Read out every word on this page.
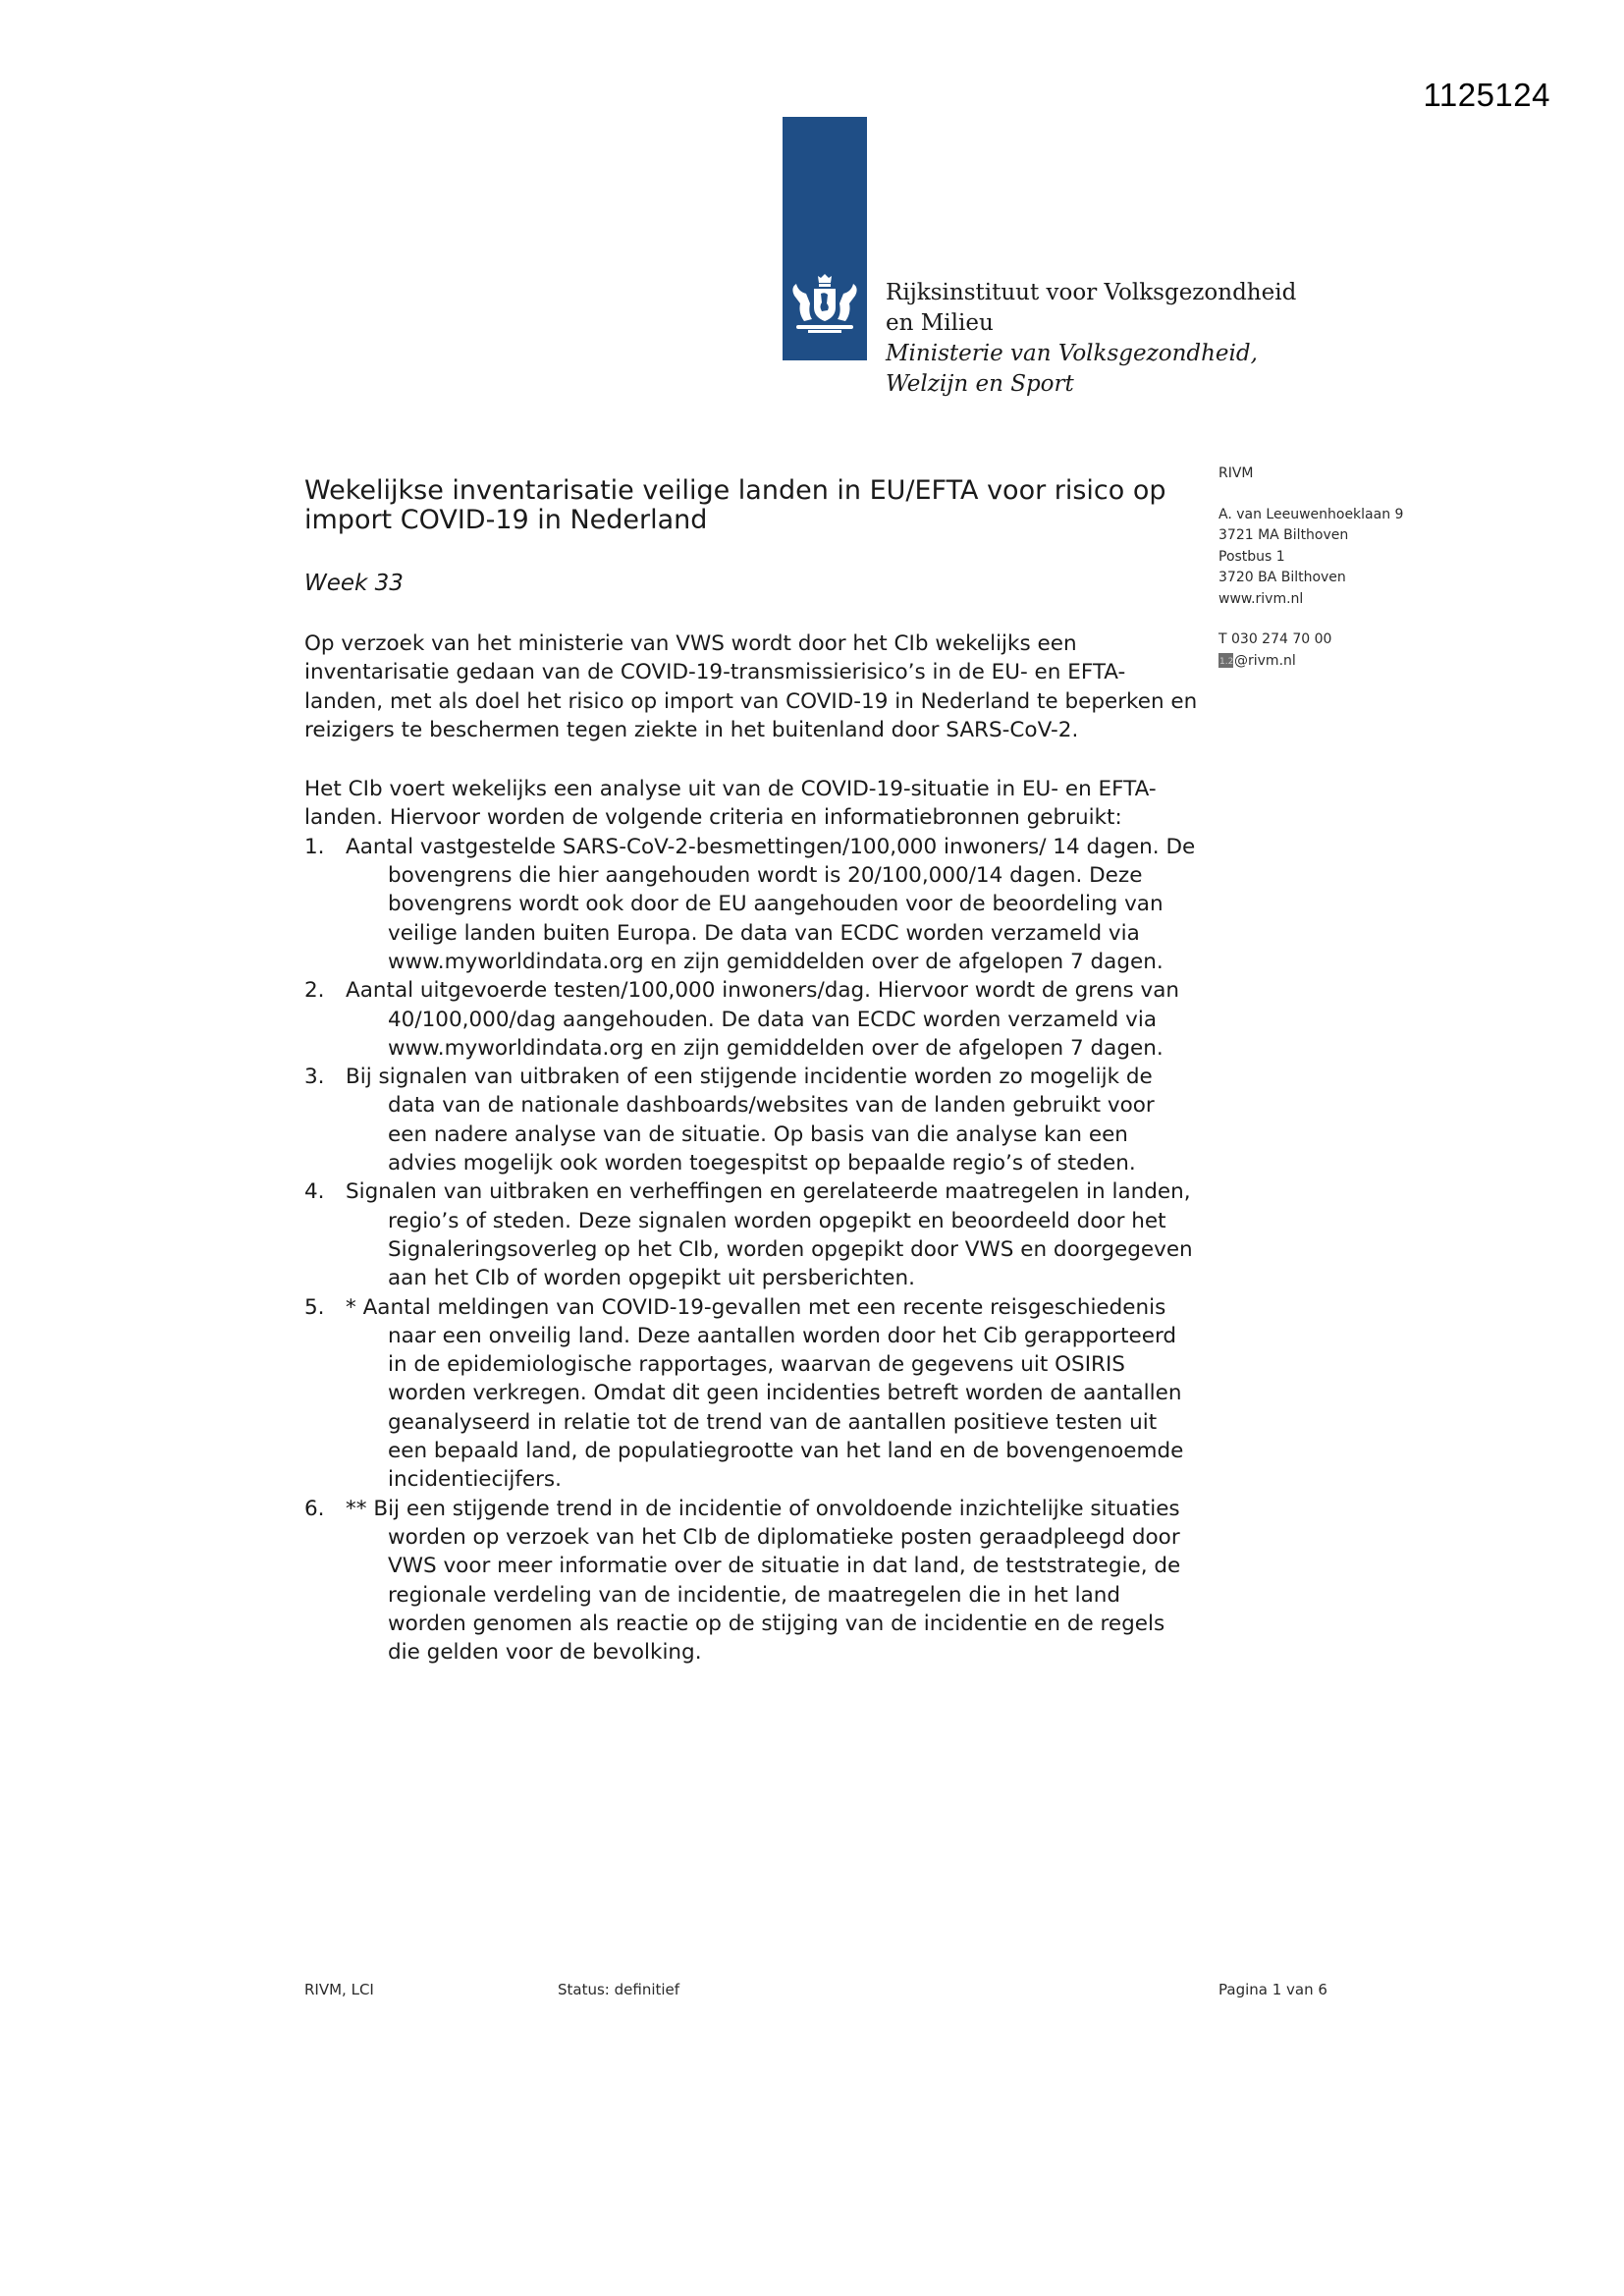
1125124
Rijksinstituut voor Volksgezondheid
en Milieu
Ministerie van Volksgezondheid,
Welzijn en Sport
RIVM
A. van Leeuwenhoeklaan 9
3721 MA Bilthoven
Postbus 1
3720 BA Bilthoven
www.rivm.nl
T 030 274 70 00
$^{1.2}$@rivm.nl
Wekelijkse inventarisatie veilige landen in EU/EFTA voor risico op import COVID-19 in Nederland
Week 33
Op verzoek van het ministerie van VWS wordt door het CIb wekelijks een inventarisatie gedaan van de COVID-19-transmissierisico’s in de EU- en EFTA-landen, met als doel het risico op import van COVID-19 in Nederland te beperken en reizigers te beschermen tegen ziekte in het buitenland door SARS-CoV-2.
Het CIb voert wekelijks een analyse uit van de COVID-19-situatie in EU- en EFTA-landen. Hiervoor worden de volgende criteria en informatiebronnen gebruikt:
1. Aantal vastgestelde SARS-CoV-2-besmettingen/100,000 inwoners/ 14 dagen. De bovengrens die hier aangehouden wordt is 20/100,000/14 dagen. Deze bovengrens wordt ook door de EU aangehouden voor de beoordeling van veilige landen buiten Europa. De data van ECDC worden verzameld via www.myworldindata.org en zijn gemiddelden over de afgelopen 7 dagen.
2. Aantal uitgevoerde testen/100,000 inwoners/dag. Hiervoor wordt de grens van 40/100,000/dag aangehouden. De data van ECDC worden verzameld via www.myworldindata.org en zijn gemiddelden over de afgelopen 7 dagen.
3. Bij signalen van uitbraken of een stijgende incidentie worden zo mogelijk de data van de nationale dashboards/websites van de landen gebruikt voor een nadere analyse van de situatie. Op basis van die analyse kan een advies mogelijk ook worden toegespitst op bepaalde regio’s of steden.
4. Signalen van uitbraken en verheffingen en gerelateerde maatregelen in landen, regio’s of steden. Deze signalen worden opgepikt en beoordeeld door het Signaleringsoverleg op het CIb, worden opgepikt door VWS en doorgegeven aan het CIb of worden opgepikt uit persberichten.
5. * Aantal meldingen van COVID-19-gevallen met een recente reisgeschiedenis naar een onveilig land. Deze aantallen worden door het Cib gerapporteerd in de epidemiologische rapportages, waarvan de gegevens uit OSIRIS worden verkregen. Omdat dit geen incidenties betreft worden de aantallen geanalyseerd in relatie tot de trend van de aantallen positieve testen uit een bepaald land, de populatiegrootte van het land en de bovengenoemde incidentiecijfers.
6. ** Bij een stijgende trend in de incidentie of onvoldoende inzichtelijke situaties worden op verzoek van het CIb de diplomatieke posten geraadpleegd door VWS voor meer informatie over de situatie in dat land, de teststrategie, de regionale verdeling van de incidentie, de maatregelen die in het land worden genomen als reactie op de stijging van de incidentie en de regels die gelden voor de bevolking.
RIVM, LCI	Status: definitief	Pagina 1 van 6
